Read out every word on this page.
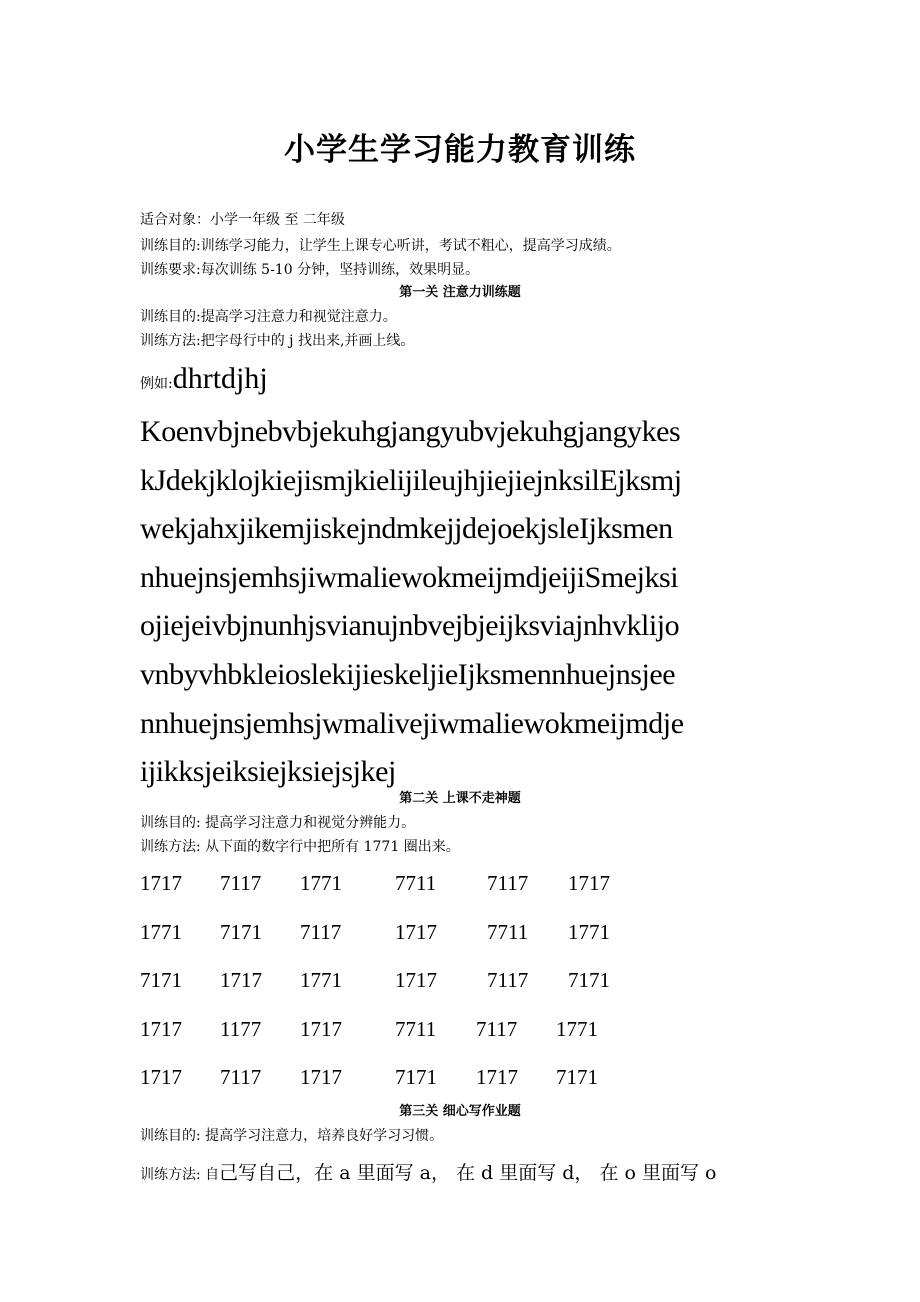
小学生学习能力教育训练
适合对象：小学一年级 至 二年级
训练目的:训练学习能力，让学生上课专心听讲，考试不粗心，提高学习成绩。
训练要求:每次训练 5-10 分钟，坚持训练，效果明显。
第一关 注意力训练题
训练目的:提高学习注意力和视觉注意力。
训练方法:把字母行中的 j 找出来,并画上线。
例如:dhrtdjhj
Koenvbjnebvbjekuhgjangyubvjekuhgjangykes
kJdekjklojkiejismjkielijileujhjiejiejnksilEjksmj
wekjahxjikemjiskejndmkejjdejoekjsleIjksmen
nhuejnsjemhsjiwmaliewokmeijmdjeijiSmejksi
ojiejeivbjnunhjsvianujnbvejbjeijksviajnhvklijo
vnbyvhbkleioslekijieskeljieIjksmennhuejnsjee
nnhuejnsjemhsjwmalivejiwmaliewokmeijmdje
ijikksjeiksiejksiejsjkej
第二关 上课不走神题
训练目的: 提高学习注意力和视觉分辨能力。
训练方法: 从下面的数字行中把所有 1771 圈出来。
1717 7117 1771	7711 7117 1717
1771 7171 7117	1717 7711 1771
7171 1717 1771	1717 7117 7171
1717 1177 1717	7711 7117 1771
1717 7117 1717	7171 1717 7171
第三关 细心写作业题
训练目的: 提高学习注意力，培养良好学习习惯。
训练方法: 自己写自己，在 a 里面写 a， 在 d 里面写 d， 在 o 里面写 o
